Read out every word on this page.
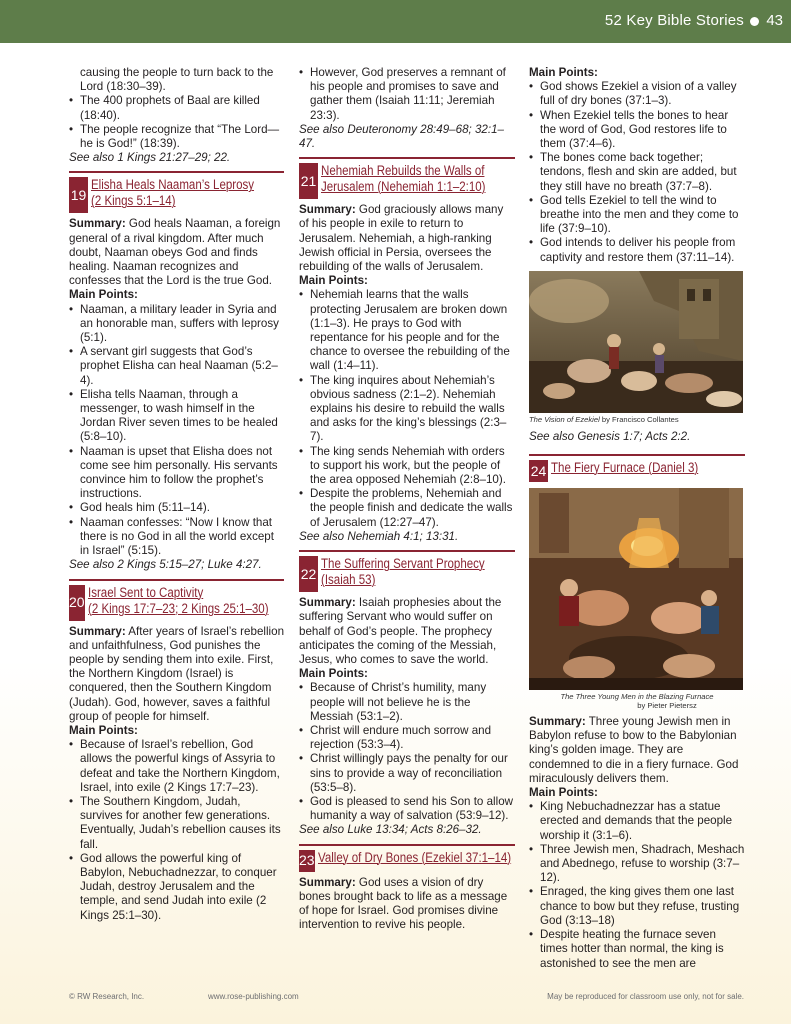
52 Key Bible Stories 43
• causing the people to turn back to the Lord (18:30–39).
• The 400 prophets of Baal are killed (18:40).
• The people recognize that “The Lord—he is God!” (18:39).

See also 1 Kings 21:27–29; 22.

19
Elisha Heals Naaman’s Leprosy
(2 Kings 5:1–14)

Summary: God heals Naaman, a foreign general of a rival kingdom. After much doubt, Naaman obeys God and finds healing. Naaman recognizes and confesses that the Lord is the true God.

Main Points:

• Naaman, a military leader in Syria and an honorable man, suffers with leprosy (5:1).
• A servant girl suggests that God’s prophet Elisha can heal Naaman (5:2–4).
• Elisha tells Naaman, through a messenger, to wash himself in the Jordan River seven times to be healed (5:8–10).
• Naaman is upset that Elisha does not come see him personally. His servants convince him to follow the prophet’s instructions.
• God heals him (5:11–14).
• Naaman confesses: “Now I know that there is no God in all the world except in Israel” (5:15).

See also 2 Kings 5:15–27; Luke 4:27.

20
Israel Sent to Captivity
(2 Kings 17:7–23; 2 Kings 25:1–30)

Summary: After years of Israel’s rebellion and unfaithfulness, God punishes the people by sending them into exile. First, the Northern Kingdom (Israel) is conquered, then the Southern Kingdom (Judah). God, however, saves a faithful group of people for himself.

Main Points:

• Because of Israel’s rebellion, God allows the powerful kings of Assyria to defeat and take the Northern Kingdom, Israel, into exile (2 Kings 17:7–23).
• The Southern Kingdom, Judah, survives for another few generations. Eventually, Judah’s rebellion causes its fall.
• God allows the powerful king of Babylon, Nebuchadnezzar, to conquer Judah, destroy Jerusalem and the temple, and send Judah into exile (2 Kings 25:1–30).
• However, God preserves a remnant of his people and promises to save and gather them (Isaiah 11:11; Jeremiah 23:3).

See also Deuteronomy 28:49–68; 32:1–47.

21
Nehemiah Rebuilds the Walls of
Jerusalem (Nehemiah 1:1–2:10)

Summary: God graciously allows many of his people in exile to return to Jerusalem. Nehemiah, a high-ranking Jewish official in Persia, oversees the rebuilding of the walls of Jerusalem.

Main Points:

• Nehemiah learns that the walls protecting Jerusalem are broken down (1:1–3). He prays to God with repentance for his people and for the chance to oversee the rebuilding of the wall (1:4–11).
• The king inquires about Nehemiah’s obvious sadness (2:1–2). Nehemiah explains his desire to rebuild the walls and asks for the king’s blessings (2:3–7).
• The king sends Nehemiah with orders to support his work, but the people of the area opposed Nehemiah (2:8–10).
• Despite the problems, Nehemiah and the people finish and dedicate the walls of Jerusalem (12:27–47).

See also Nehemiah 4:1; 13:31.

22
The Suffering Servant Prophecy
(Isaiah 53)

Summary: Isaiah prophesies about the suffering Servant who would suffer on behalf of God’s people. The prophecy anticipates the coming of the Messiah, Jesus, who comes to save the world.

Main Points:

• Because of Christ’s humility, many people will not believe he is the Messiah (53:1–2).
• Christ will endure much sorrow and rejection (53:3–4).
• Christ willingly pays the penalty for our sins to provide a way of reconciliation (53:5–8).
• God is pleased to send his Son to allow humanity a way of salvation (53:9–12).

See also Luke 13:34; Acts 8:26–32.

23 Valley of Dry Bones (Ezekiel 37:1–14)

Summary: God uses a vision of dry bones brought back to life as a message of hope for Israel. God promises divine intervention to revive his people.

Main Points:

• God shows Ezekiel a vision of a valley full of dry bones (37:1–3).
• When Ezekiel tells the bones to hear the word of God, God restores life to them (37:4–6).
• The bones come back together; tendons, flesh and skin are added, but they still have no breath (37:7–8).
• God tells Ezekiel to tell the wind to breathe into the men and they come to life (37:9–10).
• God intends to deliver his people from captivity and restore them (37:11–14).

The Vision of Ezekiel by Francisco Collantes

See also Genesis 1:7; Acts 2:2.

24 The Fiery Furnace (Daniel 3)

The Three Young Men in the Blazing Furnace

by Pieter Pietersz

Summary: Three young Jewish men in Babylon refuse to bow to the Babylonian king’s golden image. They are condemned to die in a fiery furnace. God miraculously delivers them.

Main Points:

• King Nebuchadnezzar has a statue erected and demands that the people worship it (3:1–6).
• Three Jewish men, Shadrach, Meshach and Abednego, refuse to worship (3:7–12).
• Enraged, the king gives them one last chance to bow but they refuse, trusting God (3:13–18)
• Despite heating the furnace seven times hotter than normal, the king is astonished to see the men are
© RW Research, Inc.	www.rose-publishing.com	May be reproduced for classroom use only, not for sale.
